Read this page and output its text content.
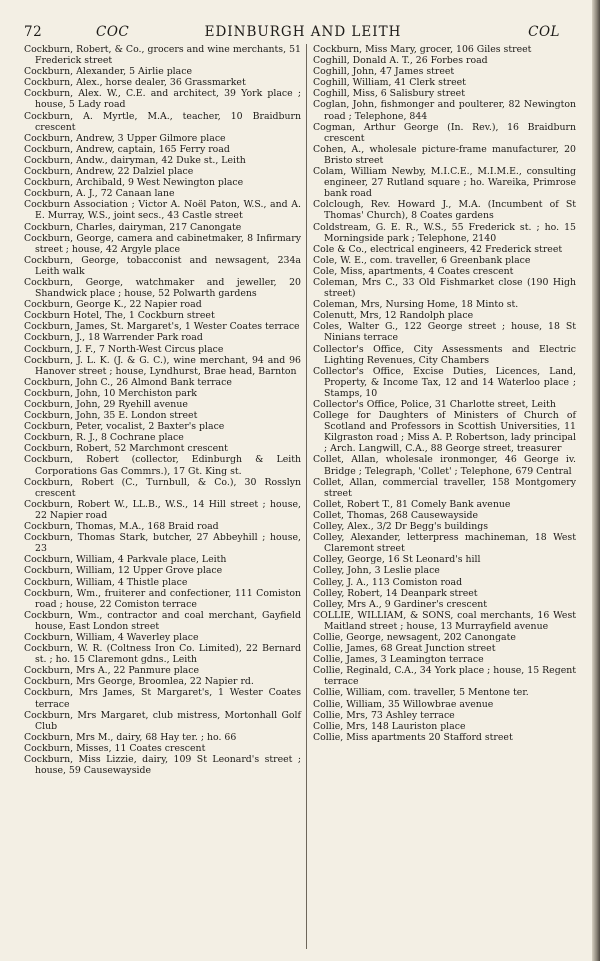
72	COC	EDINBURGH AND LEITH	COL
Cockburn, Robert, & Co., grocers and wine merchants, 51 Frederick street
Cockburn, Alexander, 5 Airlie place
Cockburn, Alex., horse dealer, 36 Grassmarket
Cockburn, Alex. W., C.E. and architect, 39 York place ; house, 5 Lady road
Cockburn, A. Myrtle, M.A., teacher, 10 Braidburn crescent
Cockburn, Andrew, 3 Upper Gilmore place
Cockburn, Andrew, captain, 165 Ferry road
Cockburn, Andw., dairyman, 42 Duke st., Leith
Cockburn, Andrew, 22 Dalziel place
Cockburn, Archibald, 9 West Newington place
Cockburn, A. J., 72 Canaan lane
Cockburn Association ; Victor A. Noël Paton, W.S., and A. E. Murray, W.S., joint secs., 43 Castle street
Cockburn, Charles, dairyman, 217 Canongate
Cockburn, George, camera and cabinetmaker, 8 Infirmary street ; house, 42 Argyle place
Cockburn, George, tobacconist and newsagent, 234a Leith walk
Cockburn, George, watchmaker and jeweller, 20 Shandwick place ; house, 52 Polwarth gardens
Cockburn, George K., 22 Napier road
Cockburn Hotel, The, 1 Cockburn street
Cockburn, James, St. Margaret's, 1 Wester Coates terrace
Cockburn, J., 18 Warrender Park road
Cockburn, J. F., 7 North-West Circus place
Cockburn, J. L. K. (J. & G. C.), wine merchant, 94 and 96 Hanover street ; house, Lyndhurst, Brae head, Barnton
Cockburn, John C., 26 Almond Bank terrace
Cockburn, John, 10 Merchiston park
Cockburn, John, 29 Ryehill avenue
Cockburn, John, 35 E. London street
Cockburn, Peter, vocalist, 2 Baxter's place
Cockburn, R. J., 8 Cochrane place
Cockburn, Robert, 52 Marchmont crescent
Cockburn, Robert (collector, Edinburgh & Leith Corporations Gas Commrs.), 17 Gt. King st.
Cockburn, Robert (C., Turnbull, & Co.), 30 Rosslyn crescent
Cockburn, Robert W., LL.B., W.S., 14 Hill street ; house, 22 Napier road
Cockburn, Thomas, M.A., 168 Braid road
Cockburn, Thomas Stark, butcher, 27 Abbeyhill ; house, 23
Cockburn, William, 4 Parkvale place, Leith
Cockburn, William, 12 Upper Grove place
Cockburn, William, 4 Thistle place
Cockburn, Wm., fruiterer and confectioner, 111 Comiston road ; house, 22 Comiston terrace
Cockburn, Wm., contractor and coal merchant, Gayfield house, East London street
Cockburn, William, 4 Waverley place
Cockburn, W. R. (Coltness Iron Co. Limited), 22 Bernard st. ; ho. 15 Claremont gdns., Leith
Cockburn, Mrs A., 22 Panmure place
Cockburn, Mrs George, Broomlea, 22 Napier rd.
Cockburn, Mrs James, St Margaret's, 1 Wester Coates terrace
Cockburn, Mrs Margaret, club mistress, Mortonhall Golf Club
Cockburn, Mrs M., dairy, 68 Hay ter. ; ho. 66
Cockburn, Misses, 11 Coates crescent
Cockburn, Miss Lizzie, dairy, 109 St Leonard's street ; house, 59 Causewayside
Cockburn, Miss Mary, grocer, 106 Giles street
Coghill, Donald A. T., 26 Forbes road
Coghill, John, 47 James street
Coghill, William, 41 Clerk street
Coghill, Miss, 6 Salisbury street
Coglan, John, fishmonger and poulterer, 82 Newington road ; Telephone, 844
Cogman, Arthur George (In. Rev.), 16 Braidburn crescent
Cohen, A., wholesale picture-frame manufacturer, 20 Bristo street
Colam, William Newby, M.I.C.E., M.I.M.E., consulting engineer, 27 Rutland square ; ho. Wareika, Primrose bank road
Colclough, Rev. Howard J., M.A. (Incumbent of St Thomas' Church), 8 Coates gardens
Coldstream, G. E. R., W.S., 55 Frederick st. ; ho. 15 Morningside park ; Telephone, 2140
Cole & Co., electrical engineers, 42 Frederick street
Cole, W. E., com. traveller, 6 Greenbank place
Cole, Miss, apartments, 4 Coates crescent
Coleman, Mrs C., 33 Old Fishmarket close (190 High street)
Coleman, Mrs, Nursing Home, 18 Minto st.
Colenutt, Mrs, 12 Randolph place
Coles, Walter G., 122 George street ; house, 18 St Ninians terrace
Collector's Office, City Assessments and Electric Lighting Revenues, City Chambers
Collector's Office, Excise Duties, Licences, Land, Property, & Income Tax, 12 and 14 Waterloo place ; Stamps, 10
Collector's Office, Police, 31 Charlotte street, Leith
College for Daughters of Ministers of Church of Scotland and Professors in Scottish Universities, 11 Kilgraston road ; Miss A. P. Robertson, lady principal ; Arch. Langwill, C.A., 88 George street, treasurer
Collet, Allan, wholesale ironmonger, 46 George iv. Bridge ; Telegraph, 'Collet' ; Telephone, 679 Central
Collet, Allan, commercial traveller, 158 Montgomery street
Collet, Robert T., 81 Comely Bank avenue
Collet, Thomas, 268 Causewayside
Colley, Alex., 3/2 Dr Begg's buildings
Colley, Alexander, letterpress machineman, 18 West Claremont street
Colley, George, 16 St Leonard's hill
Colley, John, 3 Leslie place
Colley, J. A., 113 Comiston road
Colley, Robert, 14 Deanpark street
Colley, Mrs A., 9 Gardiner's crescent
COLLIE, WILLIAM, & SONS, coal merchants, 16 West Maitland street ; house, 13 Murrayfield avenue
Collie, George, newsagent, 202 Canongate
Collie, James, 68 Great Junction street
Collie, James, 3 Leamington terrace
Collie, Reginald, C.A., 34 York place ; house, 15 Regent terrace
Collie, William, com. traveller, 5 Mentone ter.
Collie, William, 35 Willowbrae avenue
Collie, Mrs, 73 Ashley terrace
Collie, Mrs, 148 Lauriston place
Collie, Miss apartments 20 Stafford street
